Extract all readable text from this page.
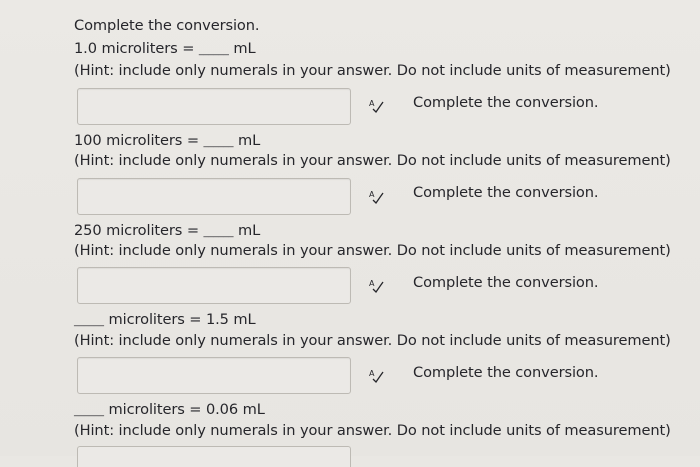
Complete the conversion.
1.0 microliters = ______ mL
(Hint: include only numerals in your answer. Do not include units of measurement)
A	Complete the conversion.
100 microliters = ______ mL
(Hint: include only numerals in your answer. Do not include units of measurement)
A	Complete the conversion.
250 microliters = ______ mL
(Hint: include only numerals in your answer. Do not include units of measurement)
A	Complete the conversion.
______ microliters = 1.5 mL
(Hint: include only numerals in your answer. Do not include units of measurement)
A	Complete the conversion.
______ microliters = 0.06 mL
(Hint: include only numerals in your answer. Do not include units of measurement)
